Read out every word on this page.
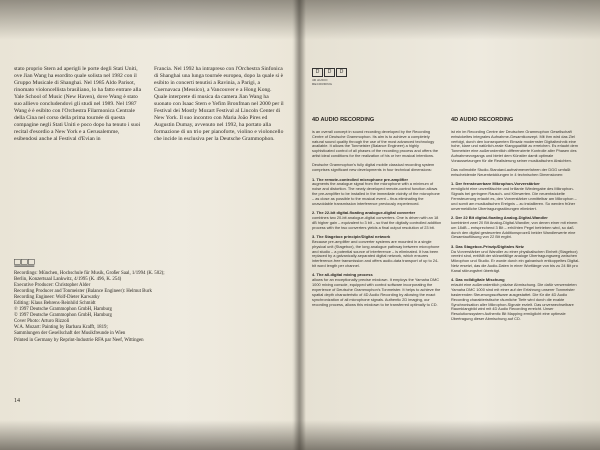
stato proprio Stern ad aperigli le porte degli Stati Uniti, ove Jian Wang ha esordito quale solista nel 1982 con il Gruppo Musicale di Shanghai. Nel 1985 Aldo Parisot, rinomato violoncellista brasiliano, lo ha fatto entrare alla Yale School of Music (New Haven), dove Wang è stato suo allievo concludendovi gli studi nel 1989. Nel 1987 Wang è è esibito con l'Orchestra Filarmonica Centrale della Cina nel corso della prima tournée di questa compagine negli Stati Uniti e poco dopo ha tenuto i suoi recital d'esordio a New York e a Gerusalemme, esibendosi anche al Festival d'Evian in

Francia. Nel 1992 ha intrapreso con l'Orchestra Sinfonica di Shanghai una lunga tournée europea, dopo la quale si è esibito in concerti tenutisi a Ravinia, a Parigi, a Cuernavaca (Messico), a Vancouver e a Hong Kong. Quale interprete di musica da camera Jian Wang ha suonato con Isaac Stern e Yefim Bronfman nel 2000 per il Festival dei Mostly Mozart Festival al Lincoln Center di New York. Il suo incontro con Maria João Pires ed Augustin Dumay, avvenuto nel 1992, ha portato alla formazione di un trio per pianoforte, violino e violoncello che incide in esclusiva per la Deutsche Grammophon.

Recordings: München, Hochschule für Musik, Großer Saal, 1/1994 (K. 502);
Berlin, Konzertsaal Lankwitz, 4/1995 (K. 496, K. 254)
Executive Producer: Christopher Alder
Recording Producer and Tonmeister (Balance Engineer): Helmut Burk
Recording Engineer: Wolf-Dieter Karwatky
Editing: Klaus Behrens·Reinhild Schmidt
℗ 1997 Deutsche Grammophon GmbH, Hamburg
© 1997 Deutsche Grammophon GmbH, Hamburg
Cover Photo: Arturo Rizzoli
W.A. Mozart: Painting by Barbara Krafft, 1819;
Sammlungen der Gesellschaft der Musikfreunde in Wien
Printed in Germany by Reprint-Industrie RFA par Neef, Wittingen
14
D D D
4D AUDIO RECORDING
4D AUDIO RECORDING

is an overall concept in sound recording developed by the Recording Centre of Deutsche Grammophon. Its aim is to achieve a completely natural sound quality through the use of the most advanced technology available. It allows the Tonmeister (Balance Engineer) a highly sophisticated control of all phases of the recording process and offers the artist ideal conditions for the realization of his or her musical intentions.

Deutsche Grammophon's fully digital mobile classical recording system comprises significant new developments in four technical dimensions:

1. The remote-controlled microphone pre-amplifier

augments the analogue signal from the microphone with a minimum of noise and distortion. The newly developed remote-control function allows the pre-amplifier to be installed in the immediate vicinity of the microphone – as close as possible to the musical event – thus eliminating the unavoidable transmission interference previously experienced.

2. The 22-bit digital-floating analogue-digital converter

combines two 20-bit analogue-digital converters. One is driven with an 18 dB higher gain – equivalent to 3 bit – so that the digitally controlled addition process with the two converters yields a final output resolution of 23 bit.

3. The Stagebox principle/Digital network

Because pre-amplifier and converter systems are mounted in a single physical unit (Stagebox), the long analogue pathway between microphone and studio – a potential source of interference – is eliminated. It has been replaced by a galvanically-separated digital network, which ensures interference-free transmission and offers audio-data transport of up to 24-bit word length per channel.

4. The all-digital mixing process

allows for an exceptionally precise mixdown. It employs the Yamaha DMC 1000 mixing console, equipped with control software incorporating the experience of Deutsche Grammophon's Tonmeister. It helps to achieve the spatial depth characteristic of 4D Audio Recording by allowing the exact synchronization of all microphone signals. Authentic 2D imaging, our recording process, allows this mixdown to be transferred optimally to CD.

4D AUDIO RECORDING

ist ein im Recording Centre der Deutschen Grammophon Gesellschaft entwickeltes integrales Aufnahme-Gesamtkonzept. Mit ihm wird das Ziel verfolgt, durch den konsequenten Einsatz modernster Digitaltechnik eine hohe, klare und natürlich-reale Klangqualität zu erreichen. Es erlaubt dem Tonmeister eine außerordentlich differenzierte Kontrolle aller Phasen des Aufnahmevorgangs und bietet dem Künstler damit optimale Voraussetzungen für die Realisierung seiner musikalischen Absichten.

Das vollmobile Studio-Standard-aufnahmeverfahren der DGG umfaßt entscheidende Neuentwicklungen in 4 technischen Dimensionen:

1. Der fernsteuerbare Mikrophon-Vorverstärker

ermöglicht eine unverfälschte und brillante Wiedergabe des Mikrophon-Signals bei geringem Rausch- und Klirrwerten. Die neuentwickelte Fernsteuerung erlaubt es, den Vorverstärker unmittelbar am Mikrophon – und somit am musikalischen Ereignis – zu installieren. So werden früher unvermeidliche Übertragungsstörungen eliminiert.

2. Der 22 Bit digital-floating Analog-Digital-Wandler

kombiniert zwei 20 Bit Analog-Digital-Wandler, von denen einer mit einem um 18dB – entsprechend 3 Bit – erhöhten Pegel betrieben wird, so daß durch den digital gesteuerten Additionsprozeß beider Wandlerwerte eine Gesamtauflösung von 22 Bit ergibt.

3. Das Stagebox-Prinzip/Digitales Netz

Da Vorverstärker und Wandler zu einer physikalischen Einheit (Stagebox) vereint sind, entfällt der störanfällige analoge Übertragungsweg zwischen Mikrophon und Studio. Er wurde durch ein galvanisch entkoppeltes Digital-Netz ersetzt, das die Audio-Daten in einer Wortlänge von bis zu 24 Bit pro Kanal störungsfrei überträgt.

4. Das volldigitale Mischung

erlaubt eine außerordentlich präzise Abmischung. Die dafür verwendeten Yamaha DMC 1000 sind mit einer auf der Erfahrung unserer Tonmeister basierenden Steuerungssoftware ausgestattet. Die für die 4D Audio Recording charakteristische räumliche Tiefe wird durch die exakte Synchronisation aller Mikrophon-Signale erzielt. Das unverwechselbare Raumklangbild wird mit 4D Audio Recording erreicht. Unser Resolutionssystem Authentic Bit Mapping ermöglicht eine optimale Übertragung dieser Abmischung auf CD.
